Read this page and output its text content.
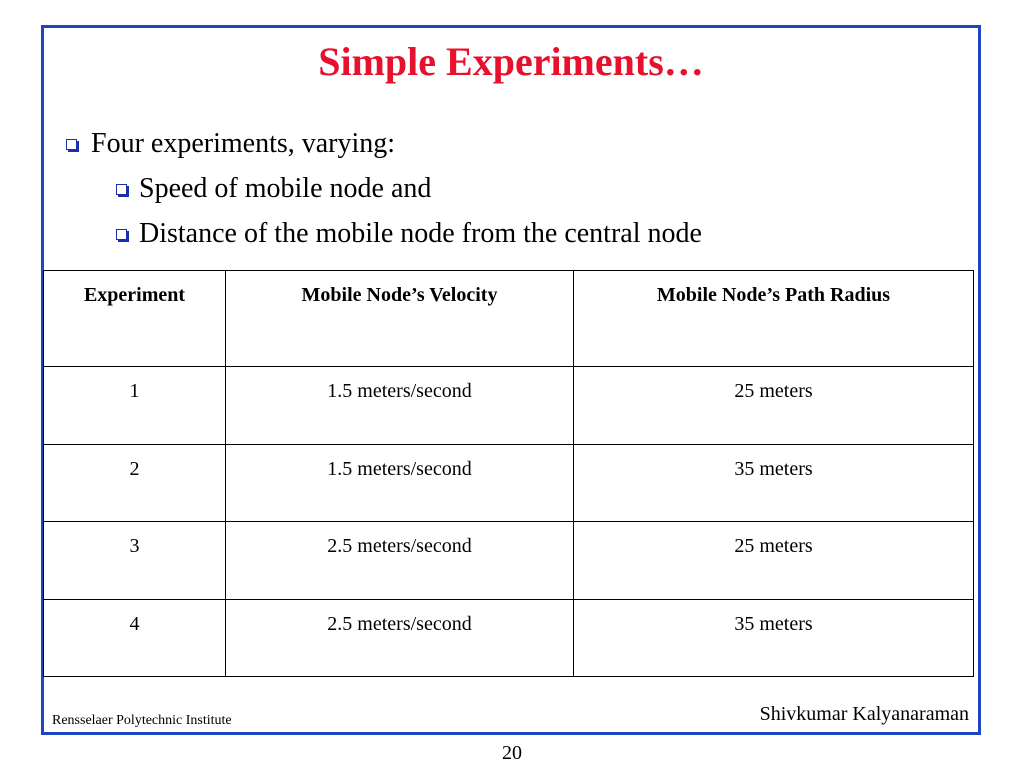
Simple Experiments…
Four experiments, varying:
Speed of mobile node and
Distance of the mobile node from the central node
Experiment	Mobile Node’s Velocity	Mobile Node’s Path Radius
1	1.5 meters/second	25 meters
2	1.5 meters/second	35 meters
3	2.5 meters/second	25 meters
4	2.5 meters/second	35 meters
Rensselaer Polytechnic Institute	Shivkumar Kalyanaraman
20
